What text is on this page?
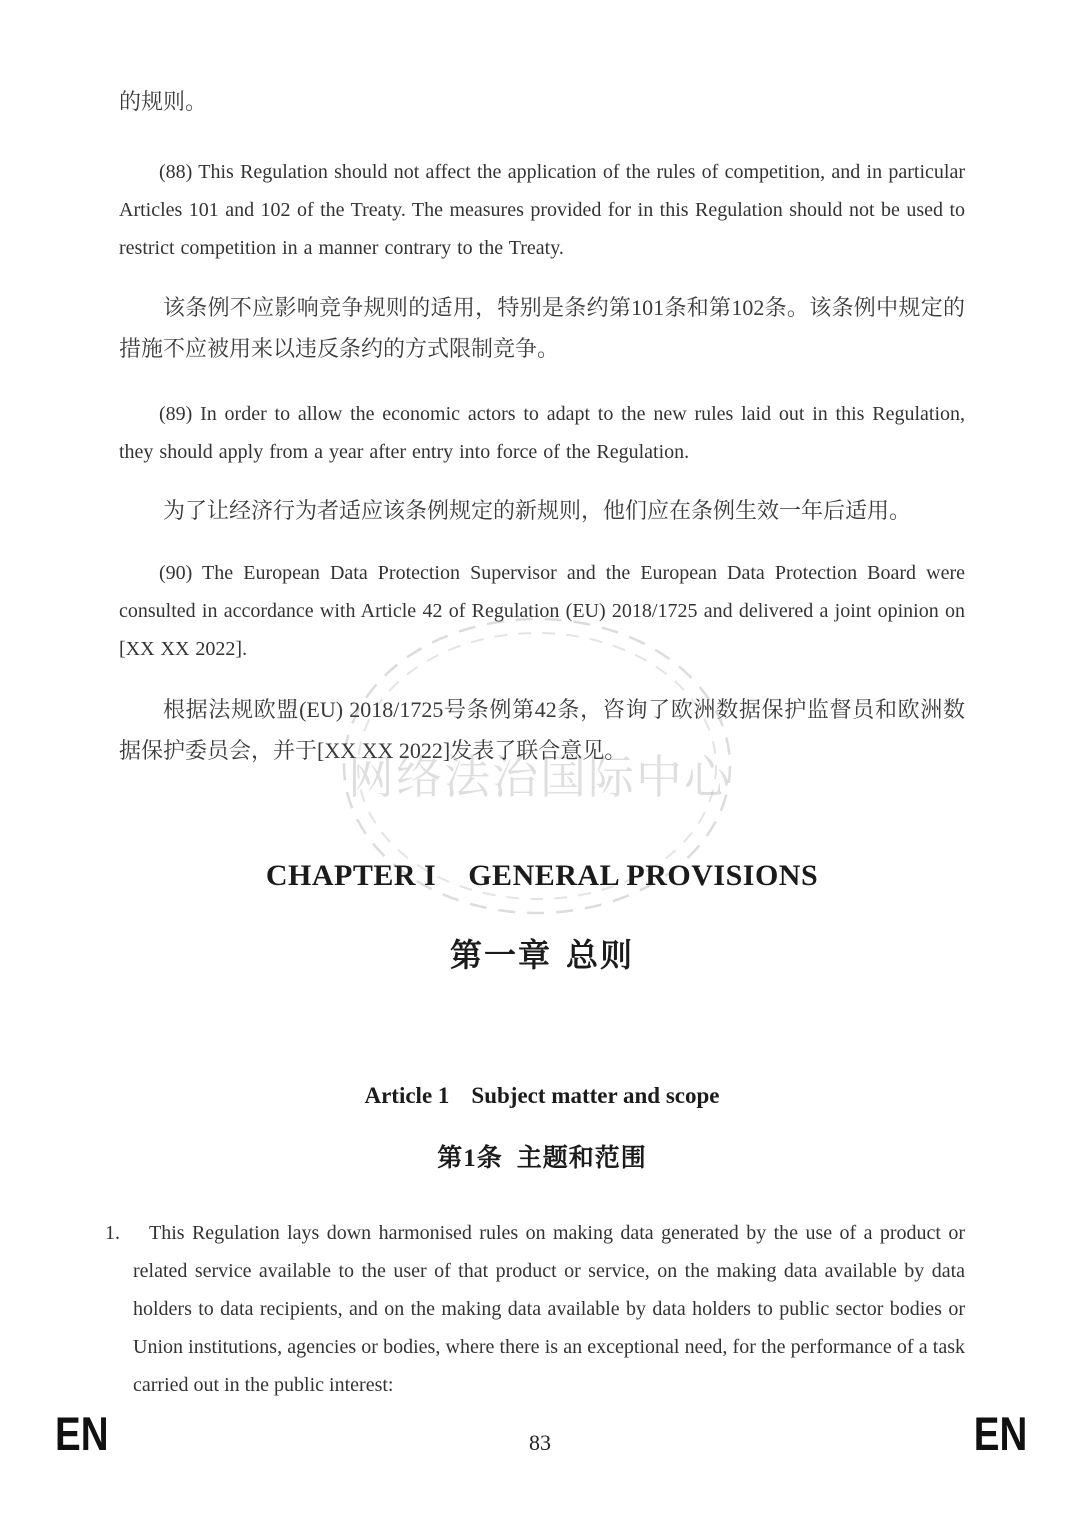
网络法治国际中心

的规则。

(88) This Regulation should not affect the application of the rules of competition, and in particular Articles 101 and 102 of the Treaty. The measures provided for in this Regulation should not be used to restrict competition in a manner contrary to the Treaty.

该条例不应影响竞争规则的适用，特别是条约第101条和第102条。该条例中规定的措施不应被用来以违反条约的方式限制竞争。

(89) In order to allow the economic actors to adapt to the new rules laid out in this Regulation, they should apply from a year after entry into force of the Regulation.

为了让经济行为者适应该条例规定的新规则，他们应在条例生效一年后适用。

(90) The European Data Protection Supervisor and the European Data Protection Board were consulted in accordance with Article 42 of Regulation (EU) 2018/1725 and delivered a joint opinion on [XX XX 2022].

根据法规欧盟(EU) 2018/1725号条例第42条，咨询了欧洲数据保护监督员和欧洲数据保护委员会，并于[XX XX 2022]发表了联合意见。

CHAPTER I GENERAL PROVISIONS
第一章 总则
Article 1 Subject matter and scope
第1条 主题和范围
1.	This Regulation lays down harmonised rules on making data generated by the use of a product or related service available to the user of that product or service, on the making data available by data holders to data recipients, and on the making data available by data holders to public sector bodies or Union institutions, agencies or bodies, where there is an exceptional need, for the performance of a task carried out in the public interest:

EN	83	EN
